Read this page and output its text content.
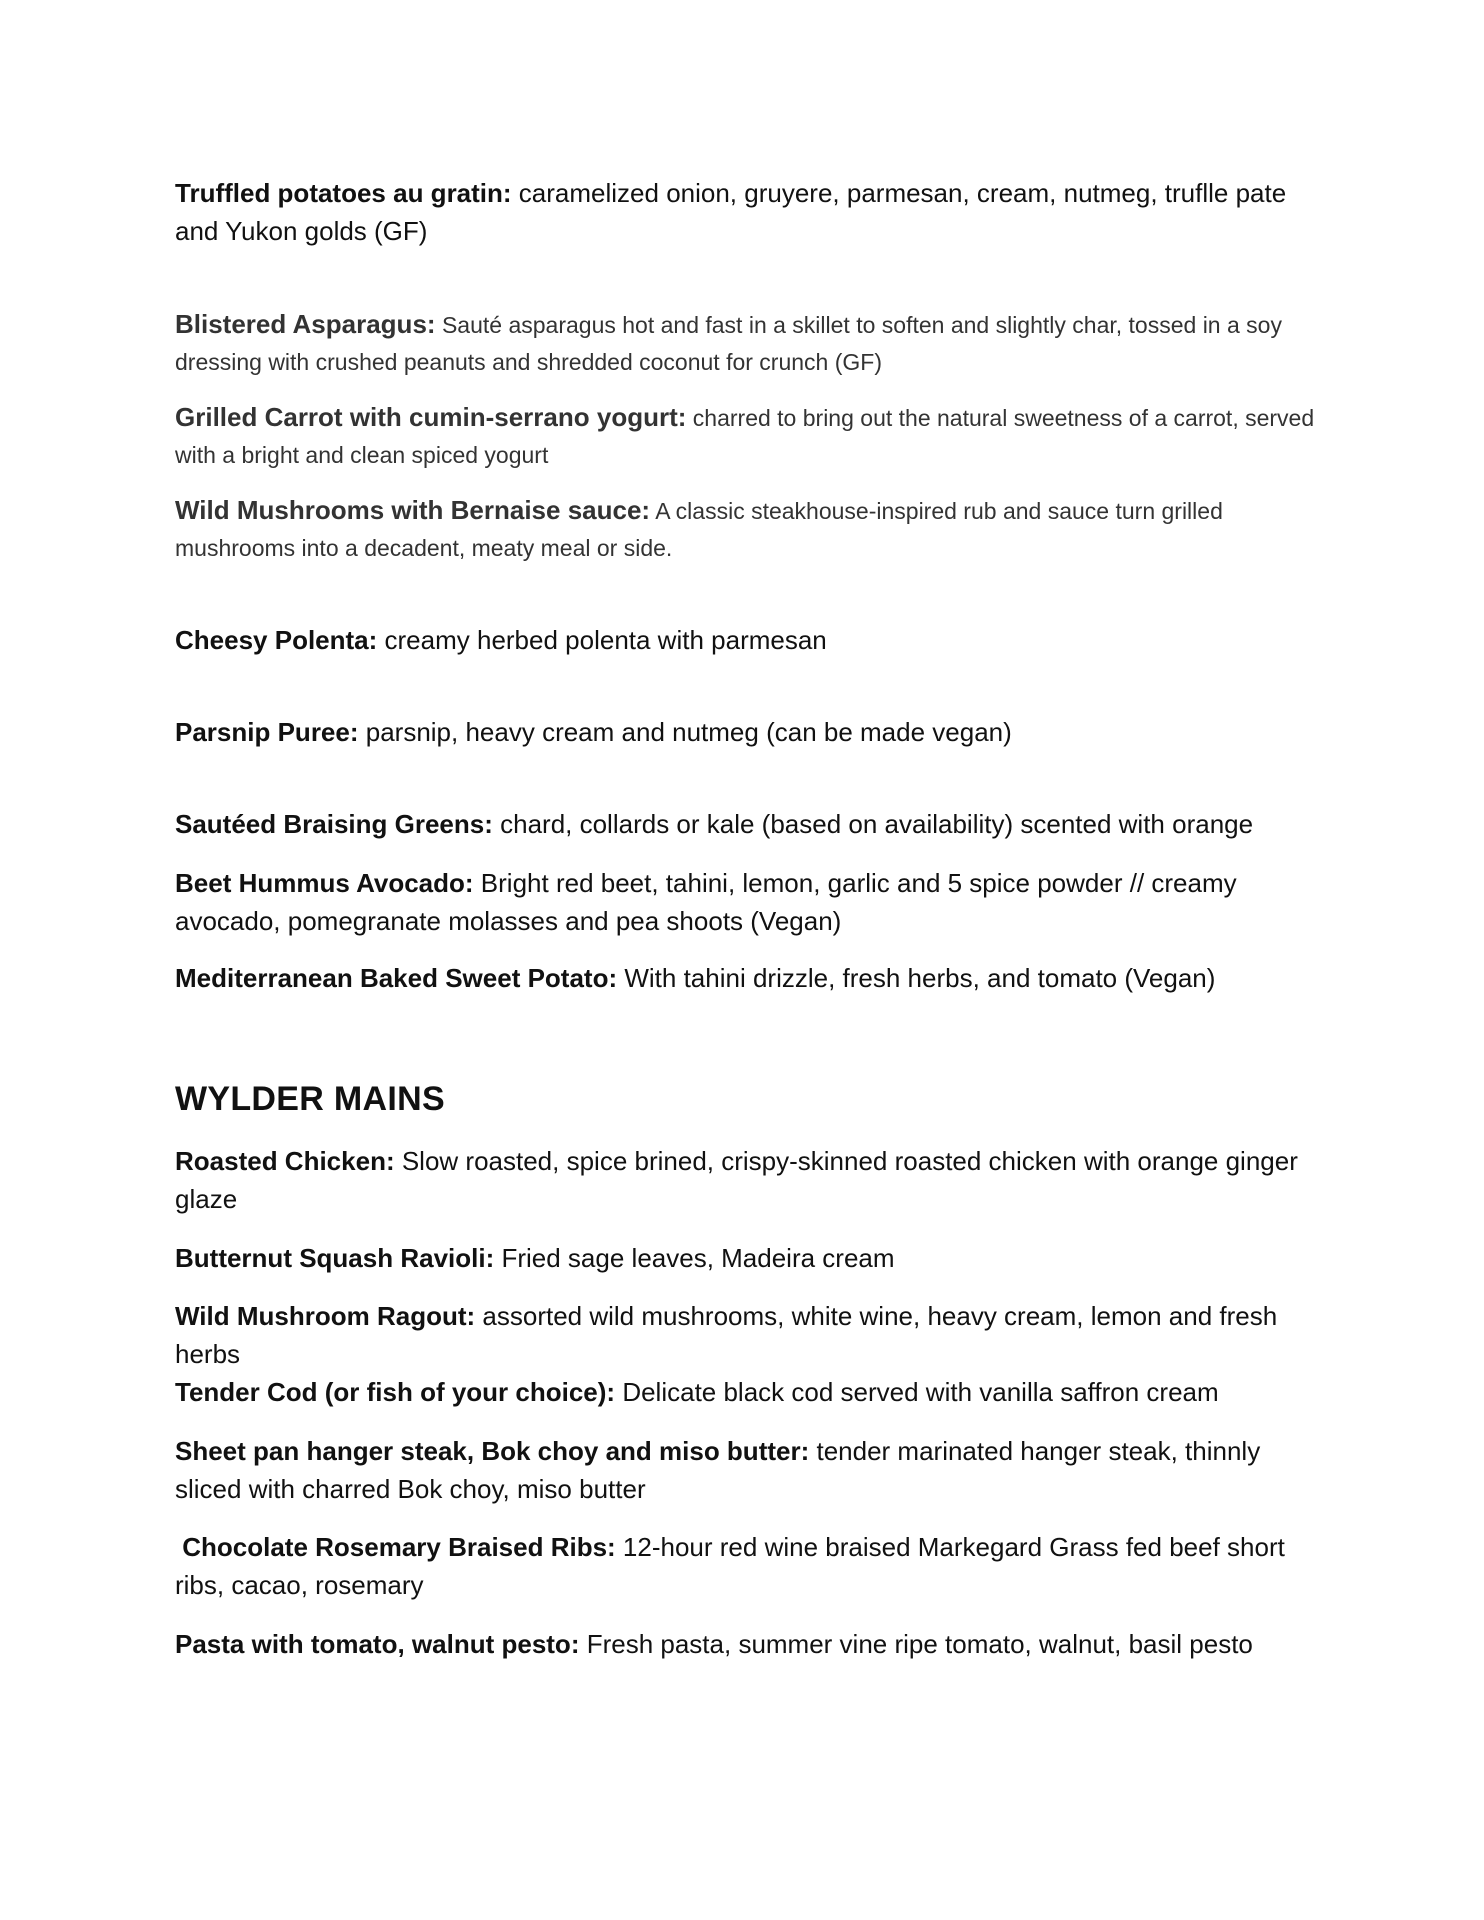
Truffled potatoes au gratin: caramelized onion, gruyere, parmesan, cream, nutmeg, truflle pate and Yukon golds (GF)

Blistered Asparagus: Sauté asparagus hot and fast in a skillet to soften and slightly char, tossed in a soy dressing with crushed peanuts and shredded coconut for crunch (GF)

Grilled Carrot with cumin-serrano yogurt: charred to bring out the natural sweetness of a carrot, served with a bright and clean spiced yogurt

Wild Mushrooms with Bernaise sauce: A classic steakhouse-inspired rub and sauce turn grilled mushrooms into a decadent, meaty meal or side.

Cheesy Polenta: creamy herbed polenta with parmesan

Parsnip Puree: parsnip, heavy cream and nutmeg (can be made vegan)

Sautéed Braising Greens: chard, collards or kale (based on availability) scented with orange

Beet Hummus Avocado: Bright red beet, tahini, lemon, garlic and 5 spice powder // creamy avocado, pomegranate molasses and pea shoots (Vegan)

Mediterranean Baked Sweet Potato: With tahini drizzle, fresh herbs, and tomato (Vegan)

WYLDER MAINS

Roasted Chicken: Slow roasted, spice brined, crispy-skinned roasted chicken with orange ginger glaze

Butternut Squash Ravioli: Fried sage leaves, Madeira cream

Wild Mushroom Ragout: assorted wild mushrooms, white wine, heavy cream, lemon and fresh herbs

Tender Cod (or fish of your choice): Delicate black cod served with vanilla saffron cream

Sheet pan hanger steak, Bok choy and miso butter: tender marinated hanger steak, thinnly sliced with charred Bok choy, miso butter

Chocolate Rosemary Braised Ribs: 12-hour red wine braised Markegard Grass fed beef short ribs, cacao, rosemary

Pasta with tomato, walnut pesto: Fresh pasta, summer vine ripe tomato, walnut, basil pesto
